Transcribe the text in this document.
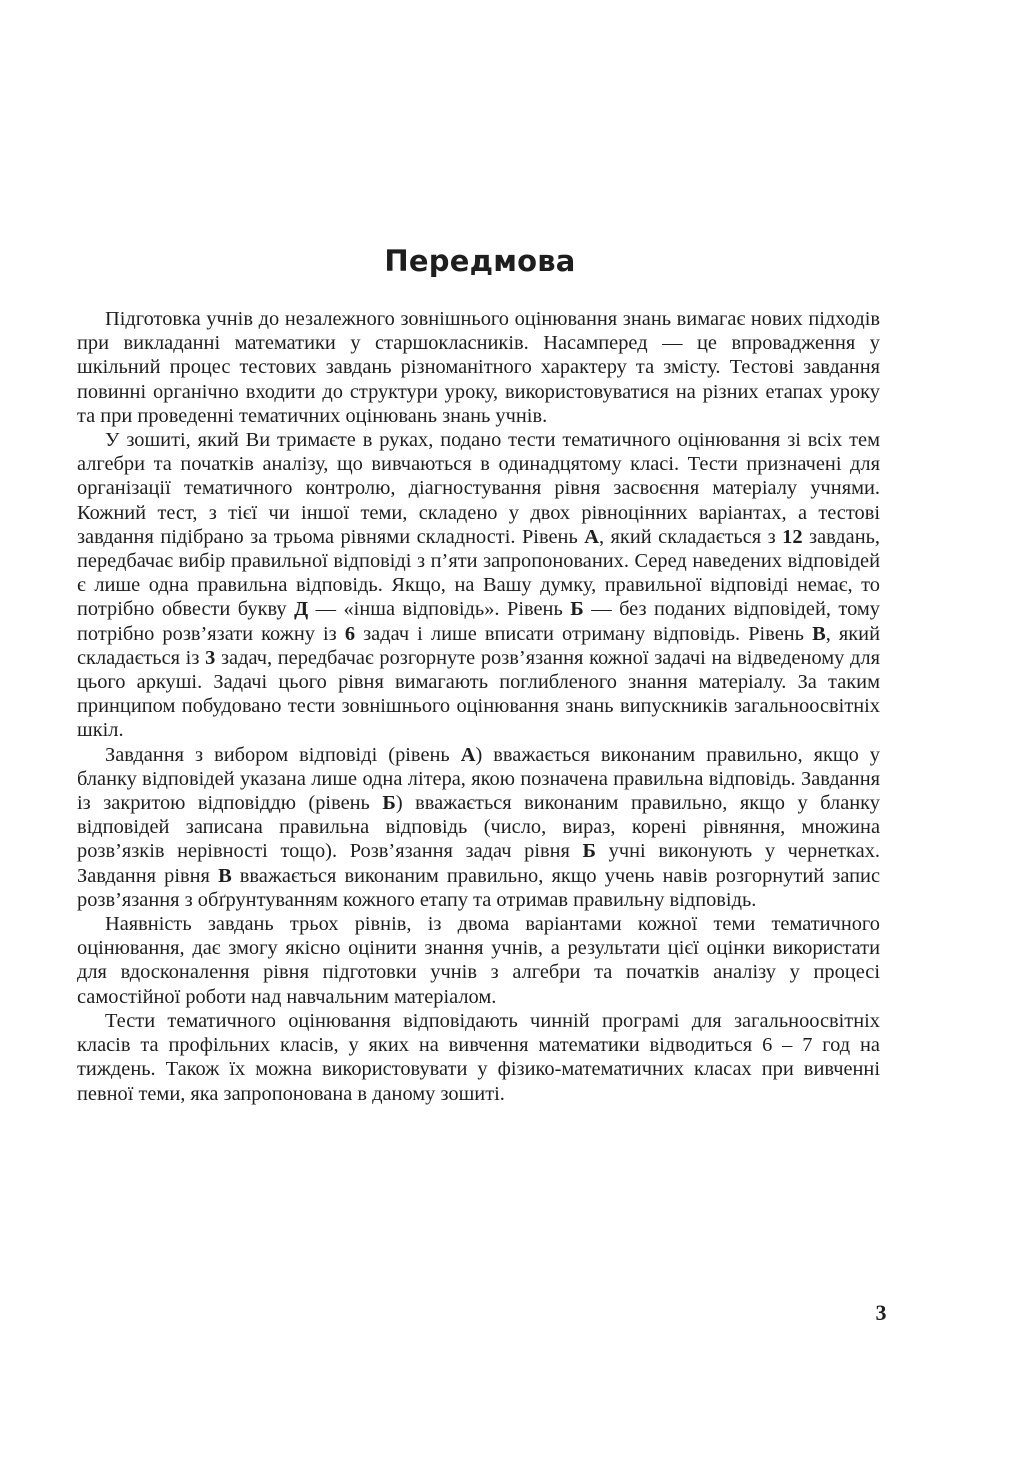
Передмова

Підготовка учнів до незалежного зовнішнього оцінювання знань вимагає нових підходів при викладанні математики у старшокласників. Насамперед — це впровадження у шкільний процес тестових завдань різноманітного характеру та змісту. Тестові завдання повинні органічно входити до структури уроку, використовуватися на різних етапах уроку та при проведенні тематичних оцінювань знань учнів.

У зошиті, який Ви тримаєте в руках, подано тести тематичного оцінювання зі всіх тем алгебри та початків аналізу, що вивчаються в одинадцятому класі. Тести призначені для організації тематичного контролю, діагностування рівня засвоєння матеріалу учнями. Кожний тест, з тієї чи іншої теми, складено у двох рівноцінних варіантах, а тестові завдання підібрано за трьома рівнями складності. Рівень А, який складається з 12 завдань, передбачає вибір правильної відповіді з п’яти запропонованих. Серед наведених відповідей є лише одна правильна відповідь. Якщо, на Вашу думку, правильної відповіді немає, то потрібно обвести букву Д — «інша відповідь». Рівень Б — без поданих відповідей, тому потрібно розв’язати кожну із 6 задач і лише вписати отриману відповідь. Рівень В, який складається із 3 задач, передбачає розгорнуте розв’язання кожної задачі на відведеному для цього аркуші. Задачі цього рівня вимагають поглибленого знання матеріалу. За таким принципом побудовано тести зовнішнього оцінювання знань випускників загальноосвітніх шкіл.

Завдання з вибором відповіді (рівень А) вважається виконаним правильно, якщо у бланку відповідей указана лише одна літера, якою позначена правильна відповідь. Завдання із закритою відповіддю (рівень Б) вважається виконаним правильно, якщо у бланку відповідей записана правильна відповідь (число, вираз, корені рівняння, множина розв’язків нерівності тощо). Розв’язання задач рівня Б учні виконують у чернетках. Завдання рівня В вважається виконаним правильно, якщо учень навів розгорнутий запис розв’язання з обґрунтуванням кожного етапу та отримав правильну відповідь.

Наявність завдань трьох рівнів, із двома варіантами кожної теми тематичного оцінювання, дає змогу якісно оцінити знання учнів, а результати цієї оцінки використати для вдосконалення рівня підготовки учнів з алгебри та початків аналізу у процесі самостійної роботи над навчальним матеріалом.

Тести тематичного оцінювання відповідають чинній програмі для загальноосвітніх класів та профільних класів, у яких на вивчення математики відводиться 6 – 7 год на тиждень. Також їх можна використовувати у фізико-математичних класах при вивченні певної теми, яка запропонована в даному зошиті.

3
